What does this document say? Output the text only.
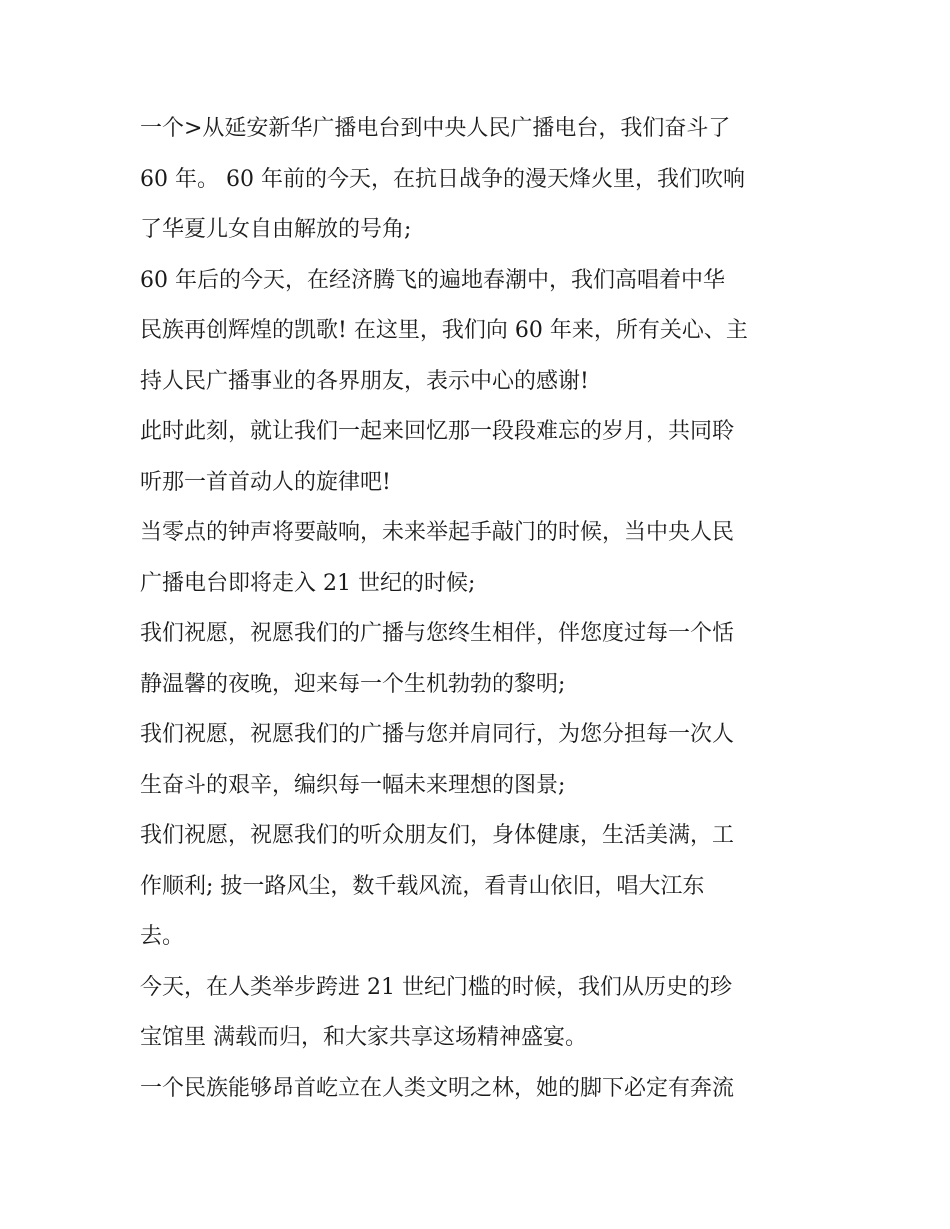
一个>从延安新华广播电台到中央人民广播电台，我们奋斗了
60 年。 60 年前的今天，在抗日战争的漫天烽火里，我们吹响
了华夏儿女自由解放的号角;
60 年后的今天，在经济腾飞的遍地春潮中，我们高唱着中华
民族再创辉煌的凯歌! 在这里，我们向 60 年来，所有关心、主
持人民广播事业的各界朋友，表示中心的感谢!
此时此刻，就让我们一起来回忆那一段段难忘的岁月，共同聆
听那一首首动人的旋律吧!
当零点的钟声将要敲响，未来举起手敲门的时候，当中央人民
广播电台即将走入 21 世纪的时候;
我们祝愿，祝愿我们的广播与您终生相伴，伴您度过每一个恬
静温馨的夜晚，迎来每一个生机勃勃的黎明;
我们祝愿，祝愿我们的广播与您并肩同行，为您分担每一次人
生奋斗的艰辛，编织每一幅未来理想的图景;
我们祝愿，祝愿我们的听众朋友们，身体健康，生活美满，工
作顺利; 披一路风尘，数千载风流，看青山依旧，唱大江东
去。
今天，在人类举步跨进 21 世纪门槛的时候，我们从历史的珍
宝馆里 满载而归，和大家共享这场精神盛宴。
一个民族能够昂首屹立在人类文明之林，她的脚下必定有奔流
